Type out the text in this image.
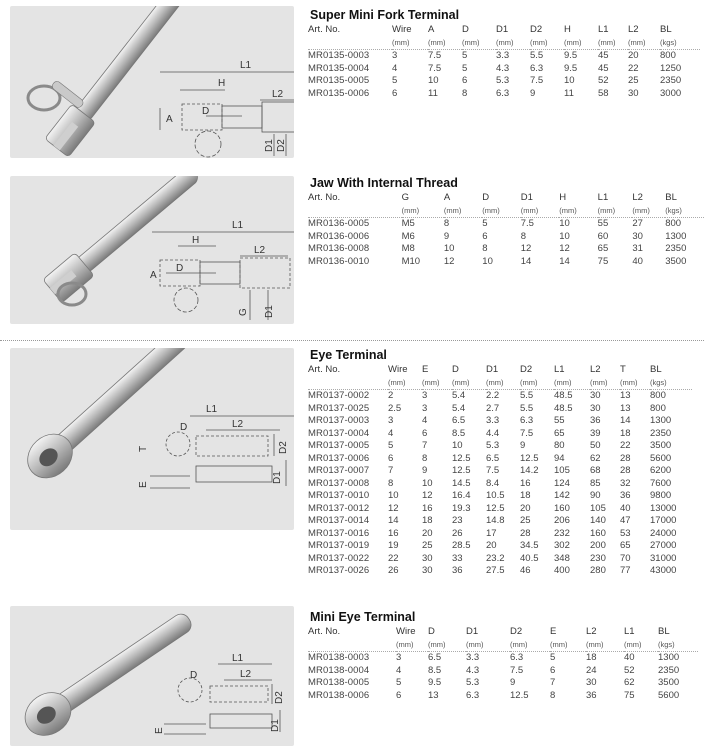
L1
H
L2
D
A
D1 D2
Super Mini Fork Terminal
Art. No.	Wire	A	D	D1	D2	H	L1	L2	BL
	(mm)	(mm)	(mm)	(mm)	(mm)	(mm)	(mm)	(mm)	(kgs)
MR0135-0003	3	7.5	5	3.3	5.5	9.5	45	20	800
MR0135-0004	4	7.5	5	4.3	6.3	9.5	45	22	1250
MR0135-0005	5	10	6	5.3	7.5	10	52	25	2350
MR0135-0006	6	11	8	6.3	9	11	58	30	3000
L1
H
L2
D
A
G D1
Jaw With Internal Thread
Art. No.	G	A	D	D1	H	L1	L2	BL
	(mm)	(mm)	(mm)	(mm)	(mm)	(mm)	(mm)	(kgs)
MR0136-0005	M5	8	5	7.5	10	55	27	800
MR0136-0006	M6	9	6	8	10	60	30	1300
MR0136-0008	M8	10	8	12	12	65	31	2350
MR0136-0010	M10	12	10	14	14	75	40	3500
L1
L2
D
T	D2
D1
E
Eye Terminal
Art. No.	Wire	E	D	D1	D2	L1	L2	T	BL
	(mm)	(mm)	(mm)	(mm)	(mm)	(mm)	(mm)	(mm)	(kgs)
MR0137-0002	2	3	5.4	2.2	5.5	48.5	30	13	800
MR0137-0025	2.5	3	5.4	2.7	5.5	48.5	30	13	800
MR0137-0003	3	4	6.5	3.3	6.3	55	36	14	1300
MR0137-0004	4	6	8.5	4.4	7.5	65	39	18	2350
MR0137-0005	5	7	10	5.3	9	80	50	22	3500
MR0137-0006	6	8	12.5	6.5	12.5	94	62	28	5600
MR0137-0007	7	9	12.5	7.5	14.2	105	68	28	6200
MR0137-0008	8	10	14.5	8.4	16	124	85	32	7600
MR0137-0010	10	12	16.4	10.5	18	142	90	36	9800
MR0137-0012	12	16	19.3	12.5	20	160	105	40	13000
MR0137-0014	14	18	23	14.8	25	206	140	47	17000
MR0137-0016	16	20	26	17	28	232	160	53	24000
MR0137-0019	19	25	28.5	20	34.5	302	200	65	27000
MR0137-0022	22	30	33	23.2	40.5	348	230	70	31000
MR0137-0026	26	30	36	27.5	46	400	280	77	43000
D
L1
L2
D2
D1
E
Mini Eye Terminal
Art. No.	Wire	D	D1	D2	E	L2	L1	BL
	(mm)	(mm)	(mm)	(mm)	(mm)	(mm)	(mm)	(kgs)
MR0138-0003	3	6.5	3.3	6.3	5	18	40	1300
MR0138-0004	4	8.5	4.3	7.5	6	24	52	2350
MR0138-0005	5	9.5	5.3	9	7	30	62	3500
MR0138-0006	6	13	6.3	12.5	8	36	75	5600
